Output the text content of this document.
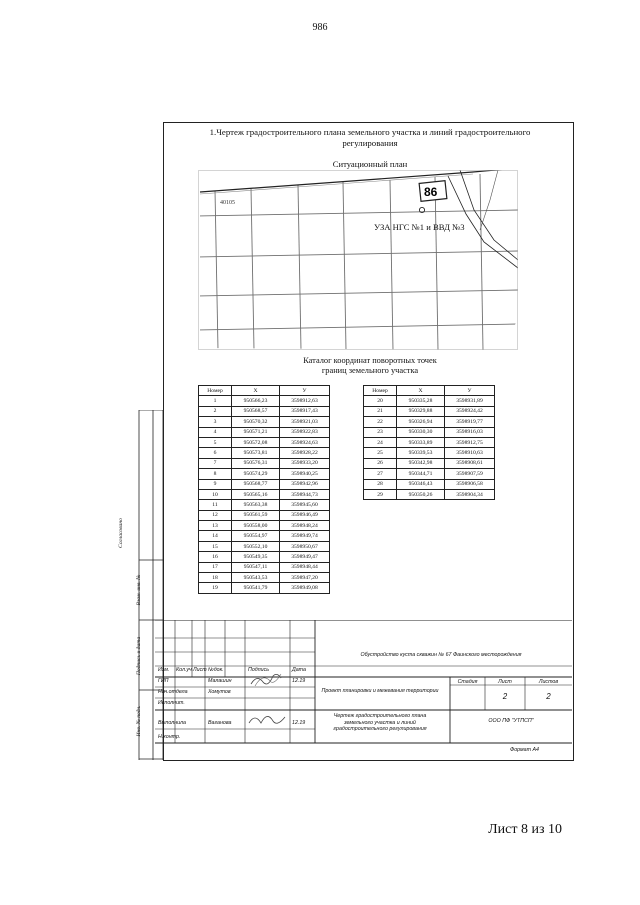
986
1.Чертеж градостроительного плана земельного участка и линий градостроительного
регулирования
Ситуационный план
86
40105
УЗА НГС №1 и ВВД №3
Каталог координат поворотных точек
границ земельного участка
Номер	X	У
1	950566,23	3598912,63
2	950568,57	3598917,43
3	950570,32	3598921,03
4	950571,21	3598922,83
5	950572,08	3598924,63
6	950573,81	3598928,22
7	950576,31	3598933,20
8	950574,29	3598940,25
9	950568,77	3598942,96
10	950565,16	3598944,73
11	950563,38	3598945,60
12	950561,59	3598946,49
13	950558,00	3598948,24
14	950554,97	3598949,74
15	950552,10	3598950,67
16	950549,35	3598949,47
17	950547,11	3598948,44
18	950543,53	3598947,20
19	950541,79	3598949,08
Номер	X	У
20	950335,28	3598931,89
21	950329,88	3598924,42
22	950326,94	3598919,77
23	950330,30	3598916,03
24	950333,89	3598912,75
25	950339,53	3598910,63
26	950342,98	3598908,61
27	950344,71	3598907,59
28	950346,43	3598906,58
29	950350,26	3598904,34
Согласовано
Взам. инв. №
Подпись и дата
Инв. № подл.
Обустройство куста скважин № 67 Фаинского месторождения
Изм. Кол.уч Лист №док.	Подпись	Дата
ГИП	Малашин	12.19
Нач.отдела	Хомутов
Исполнит.
Выполнила	Ваганова	12.19
Н.контр.
Проект планировки и межевания территории
Стадия	Лист	Листов
2	2
Чертеж градостроительного плана
земельного участка и линий
градостроительного регулирования
ООО ПФ "УТПСП"
Формат А4
Лист 8 из 10
